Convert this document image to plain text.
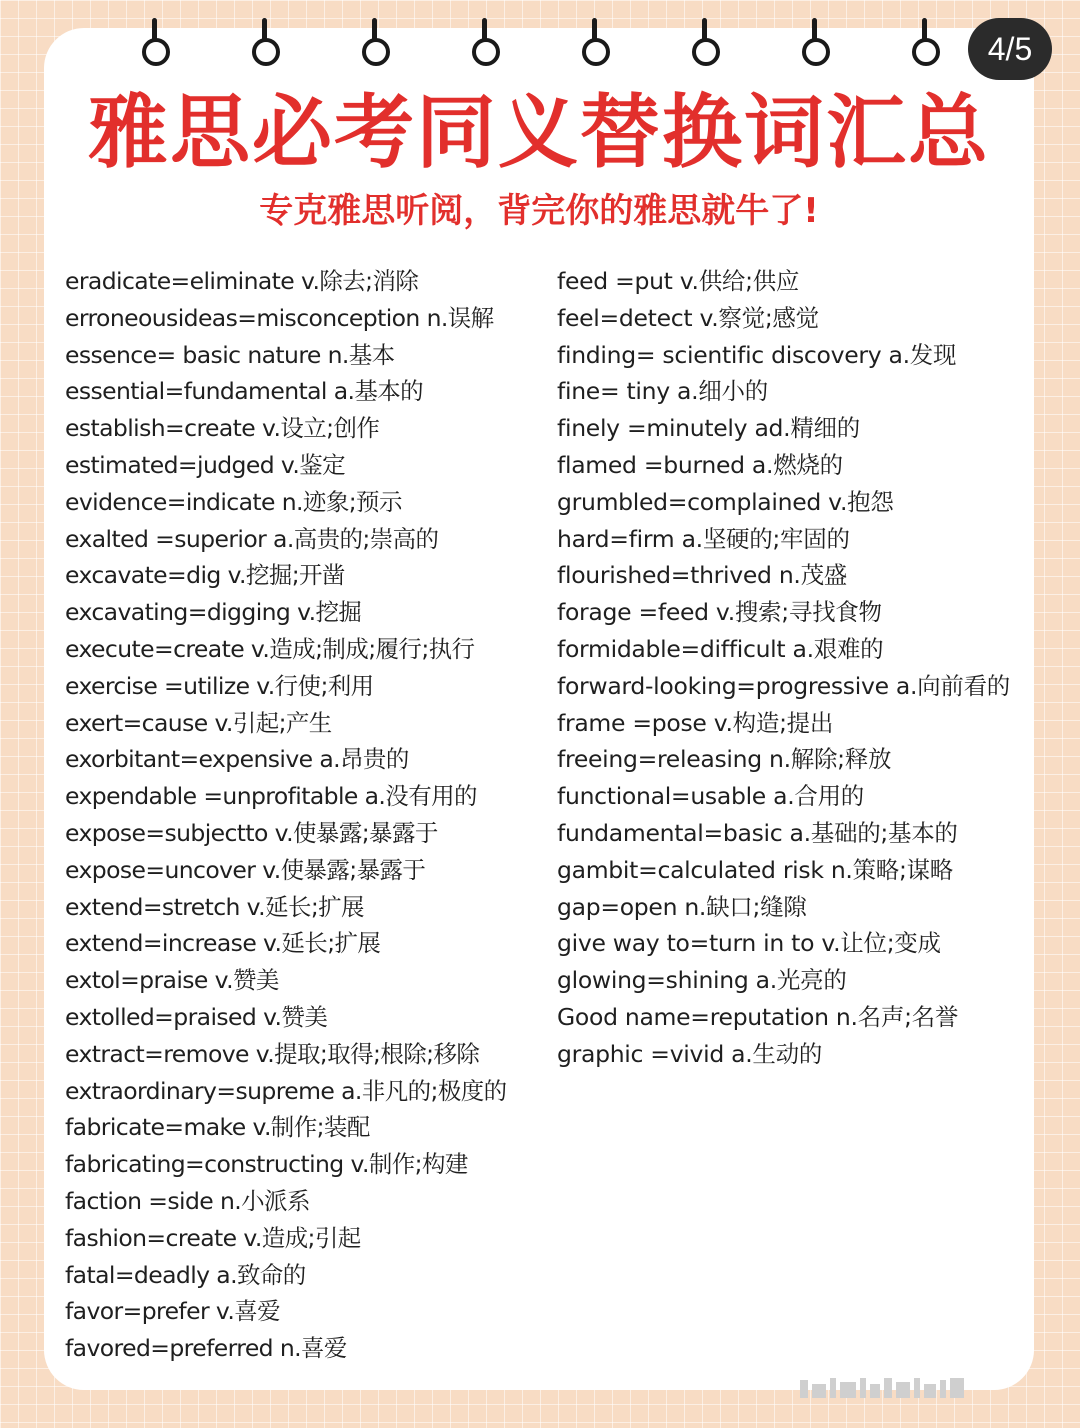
4/5
雅思必考同义替换词汇总
专克雅思听阅，背完你的雅思就牛了!
eradicate=eliminate v.除去;消除
erroneousideas=misconception n.误解
essence= basic nature n.基本
essential=fundamental a.基本的
establish=create v.设立;创作
estimated=judged v.鉴定
evidence=indicate n.迹象;预示
exalted =superior a.高贵的;崇高的
excavate=dig v.挖掘;开凿
excavating=digging v.挖掘
execute=create v.造成;制成;履行;执行
exercise =utilize v.行使;利用
exert=cause v.引起;产生
exorbitant=expensive a.昂贵的
expendable =unprofitable a.没有用的
expose=subjectto v.使暴露;暴露于
expose=uncover v.使暴露;暴露于
extend=stretch v.延长;扩展
extend=increase v.延长;扩展
extol=praise v.赞美
extolled=praised v.赞美
extract=remove v.提取;取得;根除;移除
extraordinary=supreme a.非凡的;极度的
fabricate=make v.制作;装配
fabricating=constructing v.制作;构建
faction =side n.小派系
fashion=create v.造成;引起
fatal=deadly a.致命的
favor=prefer v.喜爱
favored=preferred n.喜爱
feed =put v.供给;供应
feel=detect v.察觉;感觉
finding= scientific discovery a.发现
fine= tiny a.细小的
finely =minutely ad.精细的
flamed =burned a.燃烧的
grumbled=complained v.抱怨
hard=firm a.坚硬的;牢固的
flourished=thrived n.茂盛
forage =feed v.搜索;寻找食物
formidable=difficult a.艰难的
forward-looking=progressive a.向前看的
frame =pose v.构造;提出
freeing=releasing n.解除;释放
functional=usable a.合用的
fundamental=basic a.基础的;基本的
gambit=calculated risk n.策略;谋略
gap=open n.缺口;缝隙
give way to=turn in to v.让位;变成
glowing=shining a.光亮的
Good name=reputation n.名声;名誉
graphic =vivid a.生动的
